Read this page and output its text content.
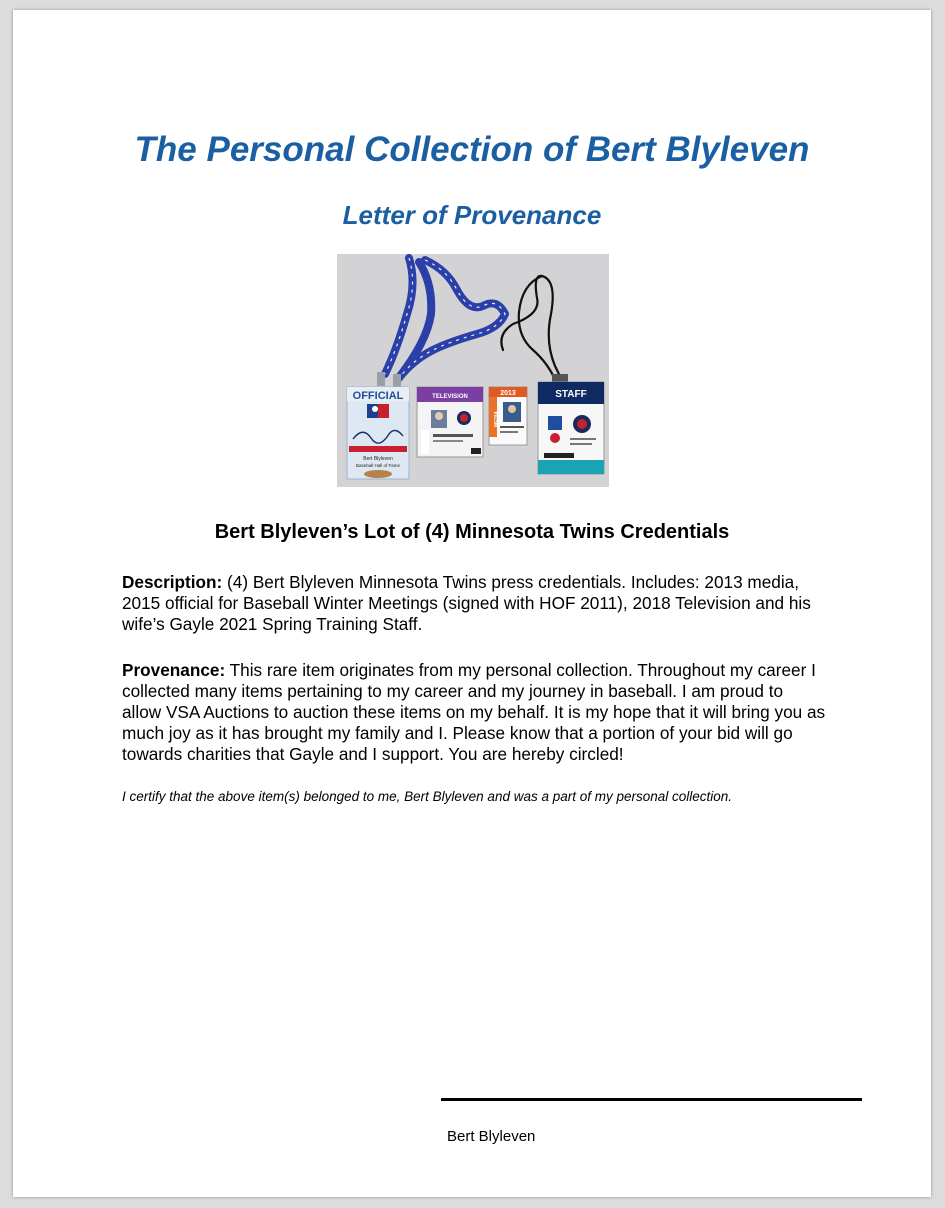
The Personal Collection of Bert Blyleven
Letter of Provenance
OFFICIAL
Bert Blyleven
Baseball Hall of Fame
TELEVISION	2013
MEDIA
STAFF
Bert Blyleven’s Lot of (4) Minnesota Twins Credentials

Description: (4) Bert Blyleven Minnesota Twins press credentials. Includes: 2013 media, 2015 official for Baseball Winter Meetings (signed with HOF 2011), 2018 Television and his wife’s Gayle 2021 Spring Training Staff.

Provenance: This rare item originates from my personal collection. Throughout my career I collected many items pertaining to my career and my journey in baseball. I am proud to allow VSA Auctions to auction these items on my behalf. It is my hope that it will bring you as much joy as it has brought my family and I. Please know that a portion of your bid will go towards charities that Gayle and I support. You are hereby circled!

I certify that the above item(s) belonged to me, Bert Blyleven and was a part of my personal collection.

Bert Blyleven
